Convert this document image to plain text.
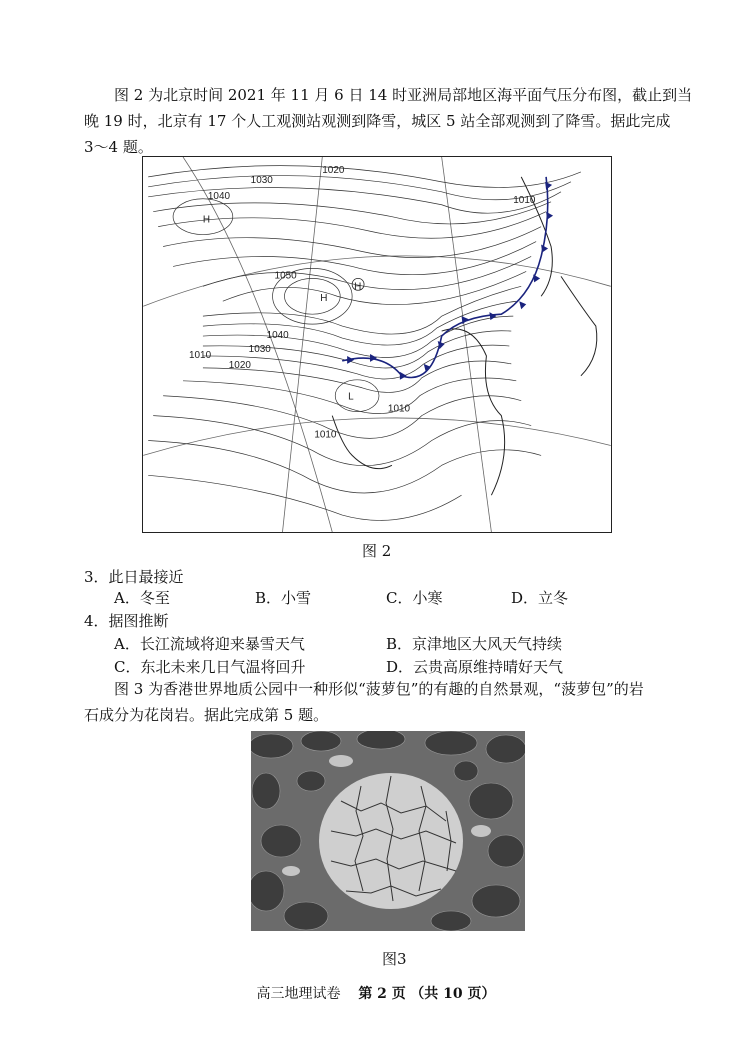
图 2 为北京时间 2021 年 11 月 6 日 14 时亚洲局部地区海平面气压分布图，截止到当
晚 19 时，北京有 17 个人工观测站观测到降雪，城区 5 站全部观测到了降雪。据此完成
3～4 题。
1030
1020
1040
H
1010
1050
H
H
1040
1030
1010
1020
L
1010
1010
图 2
3．此日最接近
A．冬至	B．小雪	C．小寒	D．立冬
4．据图推断
A．长江流域将迎来暴雪天气	B．京津地区大风天气持续
C．东北未来几日气温将回升	D．云贵高原维持晴好天气
图 3 为香港世界地质公园中一种形似“菠萝包”的有趣的自然景观，“菠萝包”的岩
石成分为花岗岩。据此完成第 5 题。
图3
高三地理试卷 第 2 页 （共 10 页）
